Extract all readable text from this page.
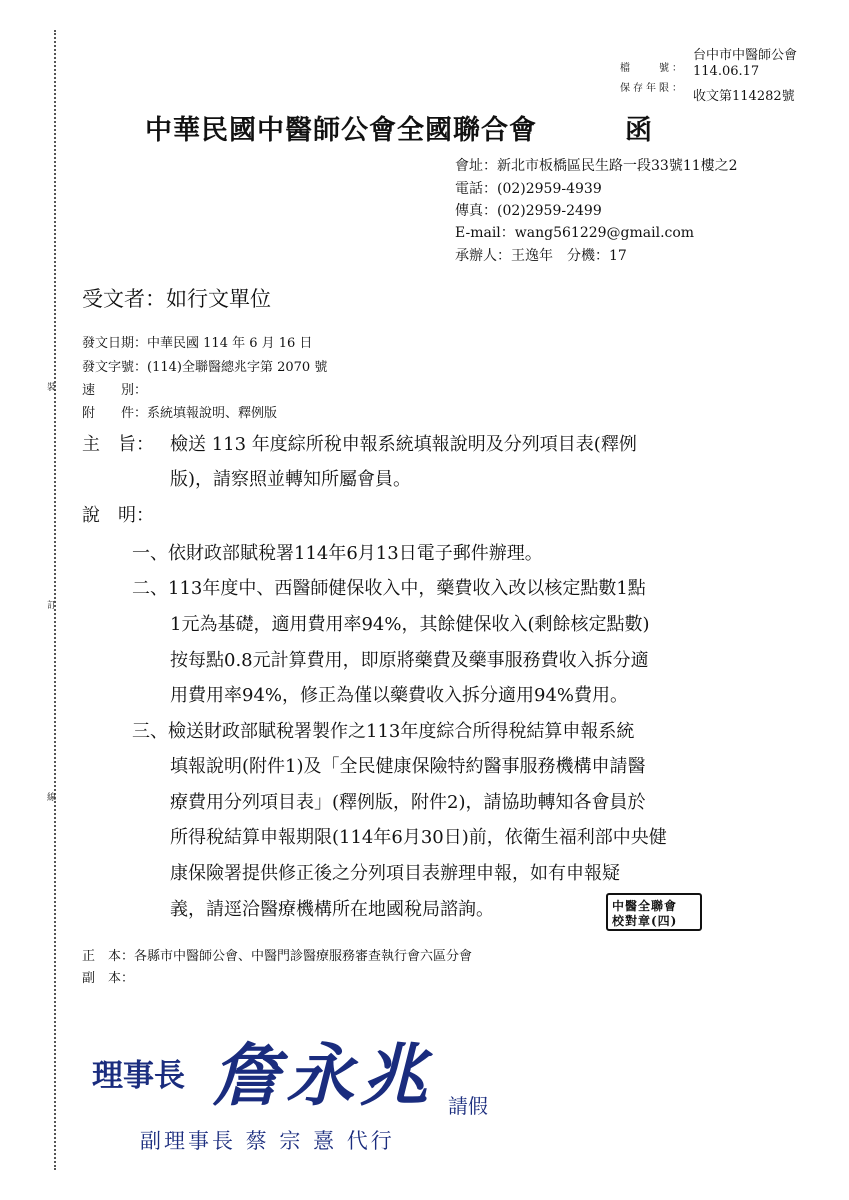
裝
訂
線
檔　　號：
保存年限：
台中市中醫師公會
114.06.17
收文第114282號
中華民國中醫師公會全國聯合會	函
會址：新北市板橋區民生路一段33號11樓之2
電話：(02)2959-4939
傳真：(02)2959-2499
E-mail：wang561229@gmail.com
承辦人：王逸年　分機：17
受文者：如行文單位
發文日期：中華民國 114 年 6 月 16 日
發文字號：(114)全聯醫總兆字第 2070 號
速　　別：
附　　件：系統填報說明、釋例版
主　旨： 檢送 113 年度綜所稅申報系統填報說明及分列項目表(釋例
版)，請察照並轉知所屬會員。
說　明：
一、依財政部賦稅署114年6月13日電子郵件辦理。
二、113年度中、西醫師健保收入中，藥費收入改以核定點數1點
1元為基礎，適用費用率94%，其餘健保收入(剩餘核定點數)
按每點0.8元計算費用，即原將藥費及藥事服務費收入拆分適
用費用率94%，修正為僅以藥費收入拆分適用94%費用。
三、檢送財政部賦稅署製作之113年度綜合所得稅結算申報系統
填報說明(附件1)及「全民健康保險特約醫事服務機構申請醫
療費用分列項目表」(釋例版，附件2)，請協助轉知各會員於
所得稅結算申報期限(114年6月30日)前，依衛生福利部中央健
康保險署提供修正後之分列項目表辦理申報，如有申報疑
義，請逕洽醫療機構所在地國稅局諮詢。	中醫全聯會
校對章(四)
正　本：各縣市中醫師公會、中醫門診醫療服務審查執行會六區分會
副　本：
理事長 詹永兆 請假
副理事長 蔡 宗 憙 代行
